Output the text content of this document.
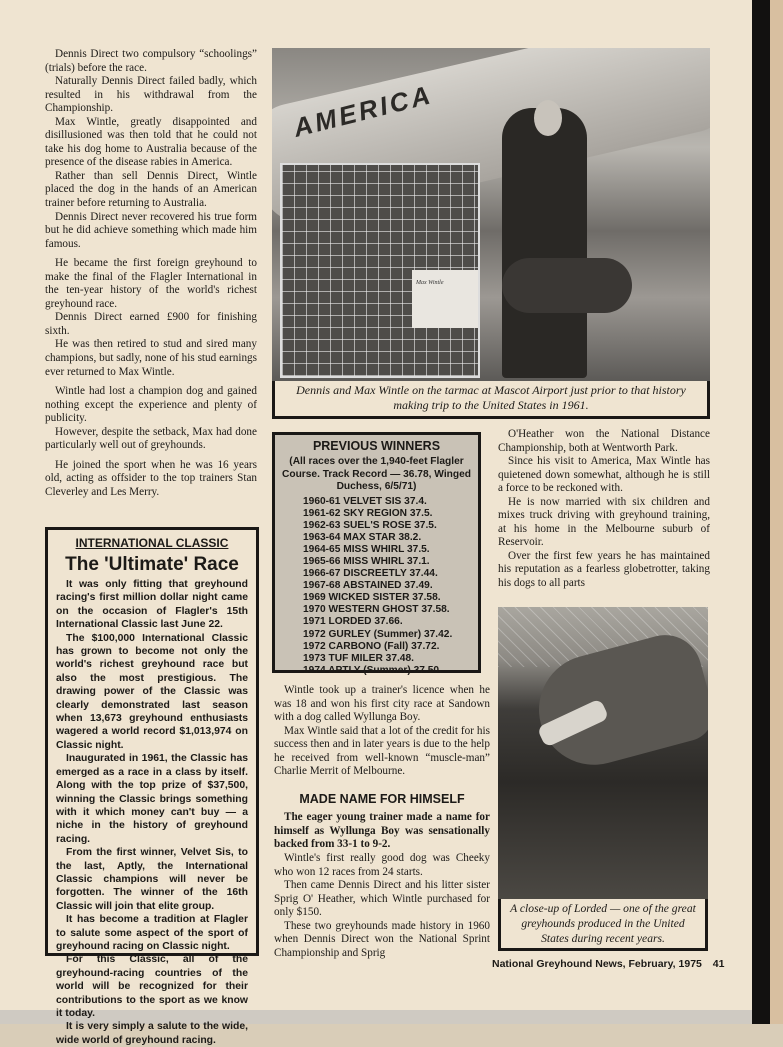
Dennis Direct two compulsory “schoolings” (trials) before the race.

Naturally Dennis Direct failed badly, which resulted in his withdrawal from the Championship.

Max Wintle, greatly disappointed and disillusioned was then told that he could not take his dog home to Australia because of the presence of the disease rabies in America.

Rather than sell Dennis Direct, Wintle placed the dog in the hands of an American trainer before returning to Australia.

Dennis Direct never recovered his true form but he did achieve something which made him famous.

He became the first foreign greyhound to make the final of the Flagler International in the ten-year history of the world's richest greyhound race.

Dennis Direct earned £900 for finishing sixth.

He was then retired to stud and sired many champions, but sadly, none of his stud earnings ever returned to Max Wintle.

Wintle had lost a champion dog and gained nothing except the experience and plenty of publicity.

However, despite the setback, Max had done particularly well out of greyhounds.

He joined the sport when he was 16 years old, acting as offsider to the top trainers Stan Cleverley and Les Merry.

INTERNATIONAL CLASSIC
The 'Ultimate' Race

It was only fitting that greyhound racing's first million dollar night came on the occasion of Flagler's 15th International Classic last June 22.

The $100,000 International Classic has grown to become not only the world's richest greyhound race but also the most prestigious. The drawing power of the Classic was clearly demonstrated last season when 13,673 greyhound enthusiasts wagered a world record $1,013,974 on Classic night.

Inaugurated in 1961, the Classic has emerged as a race in a class by itself. Along with the top prize of $37,500, winning the Classic brings something with it which money can't buy — a niche in the history of greyhound racing.

From the first winner, Velvet Sis, to the last, Aptly, the International Classic champions will never be forgotten. The winner of the 16th Classic will join that elite group.

It has become a tradition at Flagler to salute some aspect of the sport of greyhound racing on Classic night.

For this Classic, all of the greyhound-racing countries of the world will be recognized for their contributions to the sport as we know it today.

It is very simply a salute to the wide, wide world of greyhound racing.

AMERICA
Max Wintle
Dennis and Max Wintle on the tarmac at Mascot Airport just prior to that history making trip to the United States in 1961.
PREVIOUS WINNERS
(All races over the 1,940-feet Flagler Course. Track Record — 36.78, Winged Duchess, 6/5/71)
1960-61 VELVET SIS 37.4.
1961-62 SKY REGION 37.5.
1962-63 SUEL'S ROSE 37.5.
1963-64 MAX STAR 38.2.
1964-65 MISS WHIRL 37.5.
1965-66 MISS WHIRL 37.1.
1966-67 DISCREETLY 37.44.
1967-68 ABSTAINED 37.49.
1969 WICKED SISTER 37.58.
1970 WESTERN GHOST 37.58.
1971 LORDED 37.66.
1972 GURLEY (Summer) 37.42.
1972 CARBONO (Fall) 37.72.
1973 TUF MILER 37.48.
1974 APTLY (Summer) 37.50.

Wintle took up a trainer's licence when he was 18 and won his first city race at Sandown with a dog called Wyllunga Boy.

Max Wintle said that a lot of the credit for his success then and in later years is due to the help he received from well-known “muscle-man” Charlie Merrit of Melbourne.

MADE NAME FOR HIMSELF

The eager young trainer made a name for himself as Wyllunga Boy was sensationally backed from 33-1 to 9-2.

Wintle's first really good dog was Cheeky who won 12 races from 24 starts.

Then came Dennis Direct and his litter sister Sprig O' Heather, which Wintle purchased for only $150.

These two greyhounds made history in 1960 when Dennis Direct won the National Sprint Championship and Sprig

O'Heather won the National Distance Championship, both at Wentworth Park.

Since his visit to America, Max Wintle has quietened down somewhat, although he is still a force to be reckoned with.

He is now married with six children and mixes truck driving with greyhound training, at his home in the Melbourne suburb of Reservoir.

Over the first few years he has maintained his reputation as a fearless globetrotter, taking his dogs to all parts

A close-up of Lorded — one of the great greyhounds produced in the United States during recent years.
National Greyhound News, February, 1975 41
